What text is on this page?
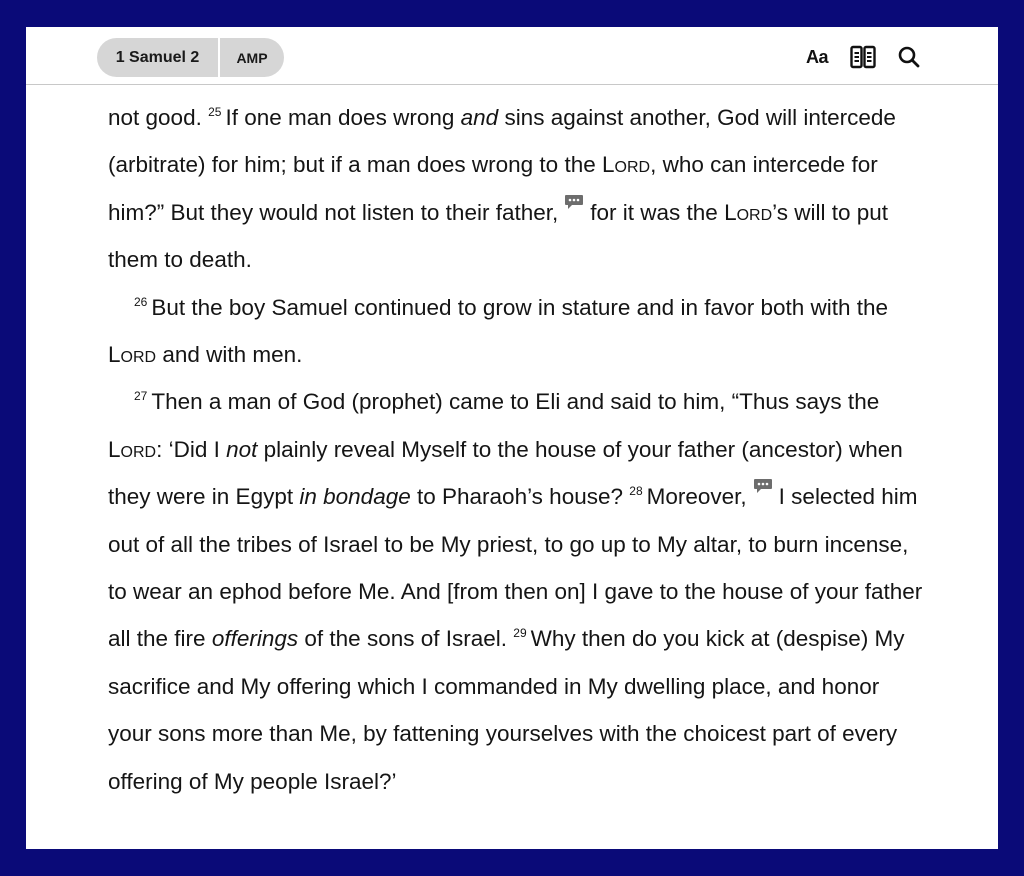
1 Samuel 2	AMP	Aa

not good. $^{25}$ If one man does wrong and sins against another, God will intercede (arbitrate) for him; but if a man does wrong to the Lord, who can intercede for him?” But they would not listen to their father, for it was the Lord’s will to put them to death.

$^{26}$ But the boy Samuel continued to grow in stature and in favor both with the Lord and with men.

$^{27}$ Then a man of God (prophet) came to Eli and said to him, “Thus says the Lord: ‘Did I not plainly reveal Myself to the house of your father (ancestor) when they were in Egypt in bondage to Pharaoh’s house? $^{28}$ Moreover, I selected him out of all the tribes of Israel to be My priest, to go up to My altar, to burn incense, to wear an ephod before Me. And [from then on] I gave to the house of your father all the fire offerings of the sons of Israel. $^{29}$ Why then do you kick at (despise) My sacrifice and My offering which I commanded in My dwelling place, and honor your sons more than Me, by fattening yourselves with the choicest part of every offering of My people Israel?’
